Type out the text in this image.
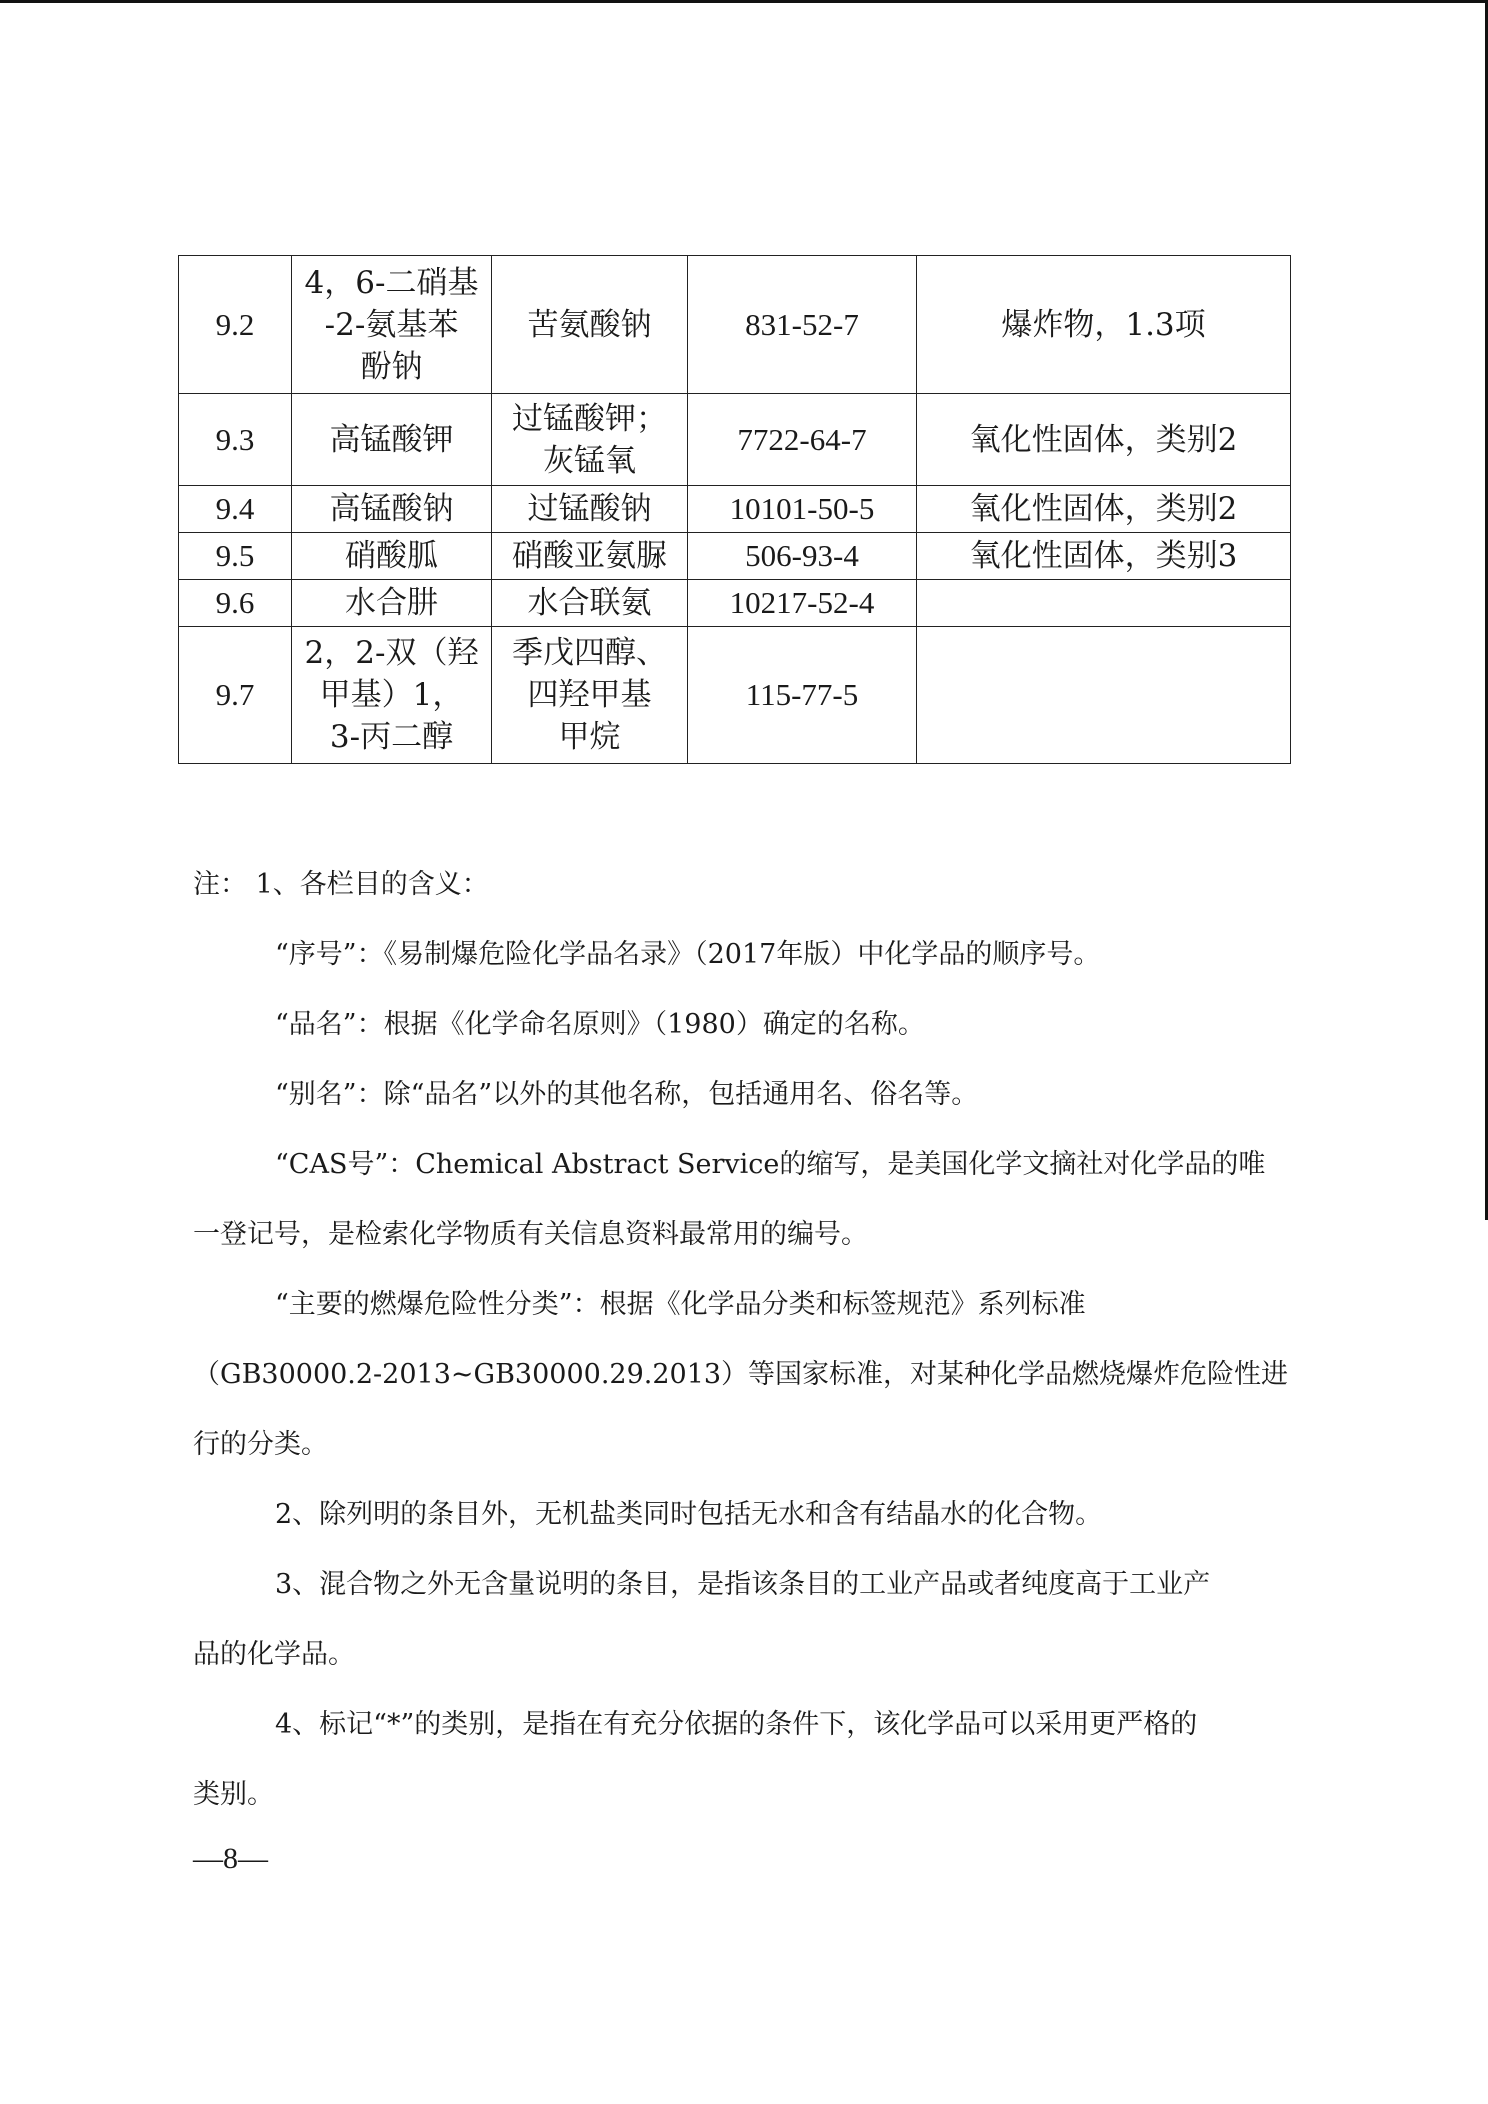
9.2	4，6-二硝基
-2-氨基苯
酚钠	苦氨酸钠	831-52-7	爆炸物，1.3项
9.3	高锰酸钾	过锰酸钾；
灰锰氧	7722-64-7	氧化性固体，类别2
9.4	高锰酸钠	过锰酸钠	10101-50-5	氧化性固体，类别2
9.5	硝酸胍	硝酸亚氨脲	506-93-4	氧化性固体，类别3
9.6	水合肼	水合联氨	10217-52-4	
9.7	2，2-双（羟
甲基）1，
3-丙二醇	季戊四醇、
四羟甲基
甲烷	115-77-5	
注： 1、各栏目的含义：
“序号”：《易制爆危险化学品名录》（2017年版）中化学品的顺序号。
“品名”：根据《化学命名原则》（1980）确定的名称。
“别名”：除“品名”以外的其他名称，包括通用名、俗名等。
“CAS号”：Chemical Abstract Service的缩写，是美国化学文摘社对化学品的唯
一登记号，是检索化学物质有关信息资料最常用的编号。
“主要的燃爆危险性分类”：根据《化学品分类和标签规范》系列标准
（GB30000.2-2013~GB30000.29.2013）等国家标准，对某种化学品燃烧爆炸危险性进
行的分类。
2、除列明的条目外，无机盐类同时包括无水和含有结晶水的化合物。
3、混合物之外无含量说明的条目，是指该条目的工业产品或者纯度高于工业产
品的化学品。
4、标记“*”的类别，是指在有充分依据的条件下，该化学品可以采用更严格的
类别。
—8—
